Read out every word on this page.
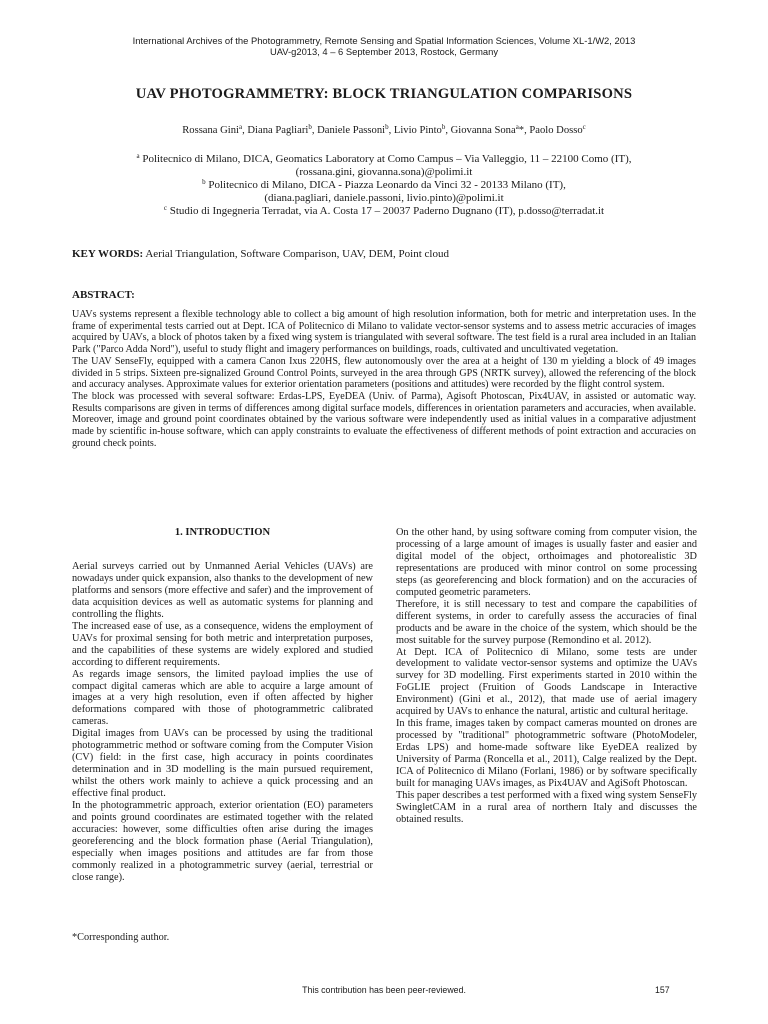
International Archives of the Photogrammetry, Remote Sensing and Spatial Information Sciences, Volume XL-1/W2, 2013
UAV-g2013, 4 – 6 September 2013, Rostock, Germany
UAV PHOTOGRAMMETRY: BLOCK TRIANGULATION COMPARISONS
Rossana Gini$^a$, Diana Pagliari$^b$, Daniele Passoni$^b$, Livio Pinto$^b$, Giovanna Sona$^a$*, Paolo Dosso$^c$
$^a$ Politecnico di Milano, DICA, Geomatics Laboratory at Como Campus – Via Valleggio, 11 – 22100 Como (IT),
(rossana.gini, giovanna.sona)@polimi.it
$^b$ Politecnico di Milano, DICA - Piazza Leonardo da Vinci 32 - 20133 Milano (IT),
(diana.pagliari, daniele.passoni, livio.pinto)@polimi.it
$^c$ Studio di Ingegneria Terradat, via A. Costa 17 – 20037 Paderno Dugnano (IT), p.dosso@terradat.it
KEY WORDS: Aerial Triangulation, Software Comparison, UAV, DEM, Point cloud
ABSTRACT:

UAVs systems represent a flexible technology able to collect a big amount of high resolution information, both for metric and interpretation uses. In the frame of experimental tests carried out at Dept. ICA of Politecnico di Milano to validate vector-sensor systems and to assess metric accuracies of images acquired by UAVs, a block of photos taken by a fixed wing system is triangulated with several software. The test field is a rural area included in an Italian Park ("Parco Adda Nord"), useful to study flight and imagery performances on buildings, roads, cultivated and uncultivated vegetation.

The UAV SenseFly, equipped with a camera Canon Ixus 220HS, flew autonomously over the area at a height of 130 m yielding a block of 49 images divided in 5 strips. Sixteen pre-signalized Ground Control Points, surveyed in the area through GPS (NRTK survey), allowed the referencing of the block and accuracy analyses. Approximate values for exterior orientation parameters (positions and attitudes) were recorded by the flight control system.

The block was processed with several software: Erdas-LPS, EyeDEA (Univ. of Parma), Agisoft Photoscan, Pix4UAV, in assisted or automatic way. Results comparisons are given in terms of differences among digital surface models, differences in orientation parameters and accuracies, when available. Moreover, image and ground point coordinates obtained by the various software were independently used as initial values in a comparative adjustment made by scientific in-house software, which can apply constraints to evaluate the effectiveness of different methods of point extraction and accuracies on ground check points.

1. INTRODUCTION

Aerial surveys carried out by Unmanned Aerial Vehicles (UAVs) are nowadays under quick expansion, also thanks to the development of new platforms and sensors (more effective and safer) and the improvement of data acquisition devices as well as automatic systems for planning and controlling the flights.

The increased ease of use, as a consequence, widens the employment of UAVs for proximal sensing for both metric and interpretation purposes, and the capabilities of these systems are widely explored and studied according to different requirements.

As regards image sensors, the limited payload implies the use of compact digital cameras which are able to acquire a large amount of images at a very high resolution, even if often affected by higher deformations compared with those of photogrammetric calibrated cameras.

Digital images from UAVs can be processed by using the traditional photogrammetric method or software coming from the Computer Vision (CV) field: in the first case, high accuracy in points coordinates determination and in 3D modelling is the main pursued requirement, whilst the others work mainly to achieve a quick processing and an effective final product.

In the photogrammetric approach, exterior orientation (EO) parameters and points ground coordinates are estimated together with the related accuracies: however, some difficulties often arise during the images georeferencing and the block formation phase (Aerial Triangulation), especially when images positions and attitudes are far from those commonly realized in a photogrammetric survey (aerial, terrestrial or close range).

On the other hand, by using software coming from computer vision, the processing of a large amount of images is usually faster and easier and digital model of the object, orthoimages and photorealistic 3D representations are produced with minor control on some processing steps (as georeferencing and block formation) and on the accuracies of computed geometric parameters.

Therefore, it is still necessary to test and compare the capabilities of different systems, in order to carefully assess the accuracies of final products and be aware in the choice of the system, which should be the most suitable for the survey purpose (Remondino et al. 2012).

At Dept. ICA of Politecnico di Milano, some tests are under development to validate vector-sensor systems and optimize the UAVs survey for 3D modelling. First experiments started in 2010 within the FoGLIE project (Fruition of Goods Landscape in Interactive Environment) (Gini et al., 2012), that made use of aerial imagery acquired by UAVs to enhance the natural, artistic and cultural heritage.

In this frame, images taken by compact cameras mounted on drones are processed by "traditional" photogrammetric software (PhotoModeler, Erdas LPS) and home-made software like EyeDEA realized by University of Parma (Roncella et al., 2011), Calge realized by the Dept. ICA of Politecnico di Milano (Forlani, 1986) or by software specifically built for managing UAVs images, as Pix4UAV and AgiSoft Photoscan.

This paper describes a test performed with a fixed wing system SenseFly SwingletCAM in a rural area of northern Italy and discusses the obtained results.

*Corresponding author.
This contribution has been peer-reviewed.	157
